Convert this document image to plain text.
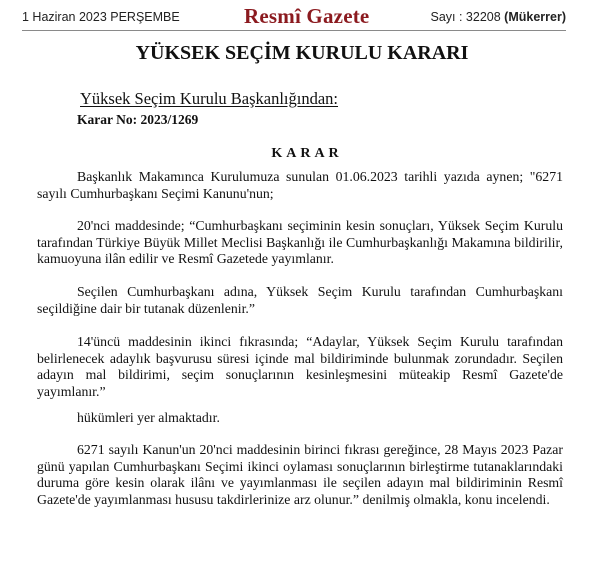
1 Haziran 2023 PERŞEMBE	Resmî Gazete	Sayı : 32208 (Mükerrer)
YÜKSEK SEÇİM KURULU KARARI
Yüksek Seçim Kurulu Başkanlığından:
Karar No: 2023/1269
KARAR

Başkanlık Makamınca Kurulumuza sunulan 01.06.2023 tarihli yazıda aynen; "6271 sayılı Cumhurbaşkanı Seçimi Kanunu'nun;

20'nci maddesinde; “Cumhurbaşkanı seçiminin kesin sonuçları, Yüksek Seçim Kurulu tarafından Türkiye Büyük Millet Meclisi Başkanlığı ile Cumhurbaşkanlığı Makamına bildirilir, kamuoyuna ilân edilir ve Resmî Gazetede yayımlanır.

Seçilen Cumhurbaşkanı adına, Yüksek Seçim Kurulu tarafından Cumhurbaşkanı seçildiğine dair bir tutanak düzenlenir.”

14'üncü maddesinin ikinci fıkrasında; “Adaylar, Yüksek Seçim Kurulu tarafından belirlenecek adaylık başvurusu süresi içinde mal bildiriminde bulunmak zorundadır. Seçilen adayın mal bildirimi, seçim sonuçlarının kesinleşmesini müteakip Resmî Gazete'de yayımlanır.”

hükümleri yer almaktadır.

6271 sayılı Kanun'un 20'nci maddesinin birinci fıkrası gereğince, 28 Mayıs 2023 Pazar günü yapılan Cumhurbaşkanı Seçimi ikinci oylaması sonuçlarının birleştirme tutanaklarındaki duruma göre kesin olarak ilânı ve yayımlanması ile seçilen adayın mal bildiriminin Resmî Gazete'de yayımlanması hususu takdirlerinize arz olunur.” denilmiş olmakla, konu incelendi.
